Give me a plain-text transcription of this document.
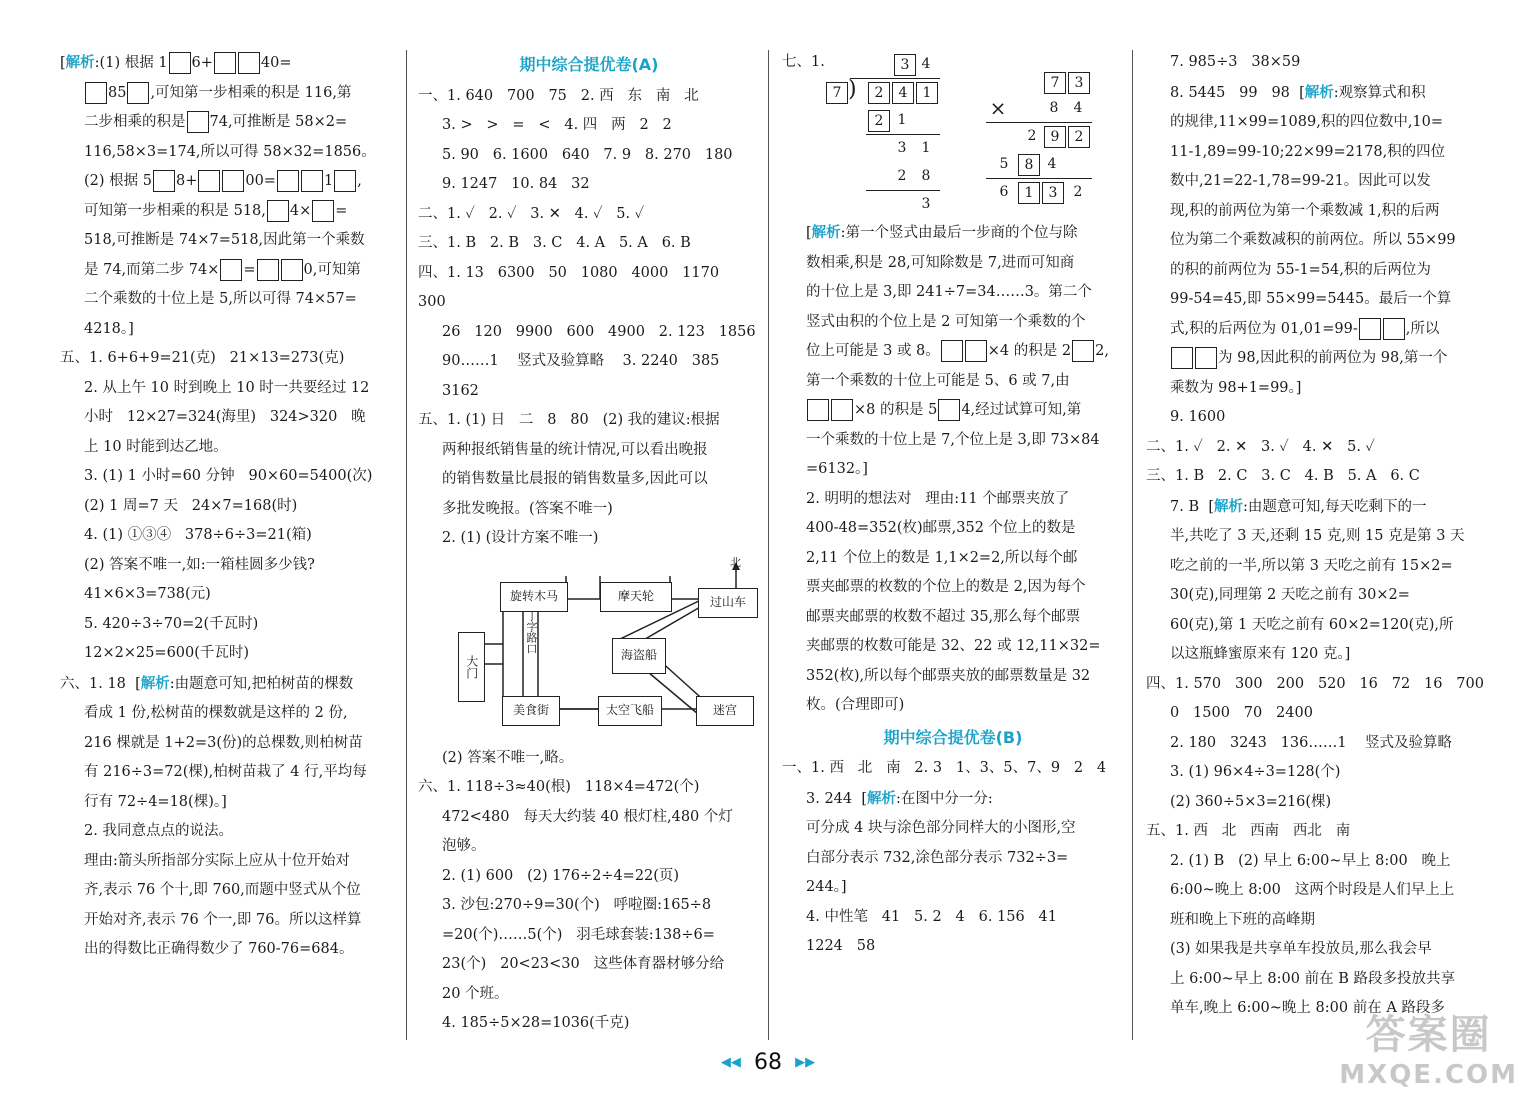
[解析:(1) 根据 1 6+	40=
85 ,可知第一步相乘的积是 116,第
二步相乘的积是 74,可推断是 58×2=
116,58×3=174,所以可得 58×32=1856。
(2) 根据 5 8+	00=	1 ,
可知第一步相乘的积是 518, 4× =
518,可推断是 74×7=518,因此第一个乘数
是 74,而第二步 74× =	0,可知第
二个乘数的十位上是 5,所以可得 74×57=
4218。]
五、1. 6+6+9=21(克)   21×13=273(克)
2. 从上午 10 时到晚上 10 时一共要经过 12
小时   12×27=324(海里)   324>320   晚
上 10 时能到达乙地。
3. (1) 1 小时=60 分钟   90×60=5400(次)
(2) 1 周=7 天   24×7=168(时)
4. (1) ①③④   378÷6÷3=21(箱)
(2) 答案不唯一,如:一箱桂圆多少钱?
41×6×3=738(元)
5. 420÷3÷70=2(千瓦时)
12×2×25=600(千瓦时)
六、1. 18  [解析:由题意可知,把柏树苗的棵数
看成 1 份,松树苗的棵数就是这样的 2 份,
216 棵就是 1+2=3(份)的总棵数,则柏树苗
有 216÷3=72(棵),柏树苗栽了 4 行,平均每
行有 72÷4=18(棵)。]
2. 我同意点点的说法。
理由:箭头所指部分实际上应从十位开始对
齐,表示 76 个十,即 760,而题中竖式从个位
开始对齐,表示 76 个一,即 76。所以这样算
出的得数比正确得数少了 760-76=684。
期中综合提优卷(A)
一、1. 640   700   75   2. 西   东   南   北
3. >   >   =   <   4. 四   两   2   2
5. 90   6. 1600   640   7. 9   8. 270   180
9. 1247   10. 84   32
二、1. ✓   2. ✓   3. ✕   4. ✓   5. ✓
三、1. B   2. B   3. C   4. A   5. A   6. B
四、1. 13   6300   50   1080   4000   1170   300
26   120   9900   600   4900   2. 123   1856
90……1    竖式及验算略    3. 2240   385
3162
五、1. (1) 日   二   8   80   (2) 我的建议:根据
两种报纸销售量的统计情况,可以看出晚报
的销售数量比晨报的销售数量多,因此可以
多批发晚报。(答案不唯一)
2. (1) (设计方案不唯一)
北
旋转木马	摩天轮	过山车
大门
丁字路口
海盗船
美食街	太空飞船	迷宫
(2) 答案不唯一,略。
六、1. 118÷3≈40(根)   118×4=472(个)
472<480   每天大约装 40 根灯柱,480 个灯
泡够。
2. (1) 600   (2) 176÷2÷4=22(页)
3. 沙包:270÷9=30(个)   呼啦圈:165÷8
=20(个)……5(个)   羽毛球套装:138÷6=
23(个)   20<23<30   这些体育器材够分给
20 个班。
4. 185÷5×28=1036(千克)
七、1.	3 4
7 )	2	4	1
2	1
3	1
2	8
3
7	3
×	8	4
2	9	2
5	8	4
6	1	3	2
[解析:第一个竖式由最后一步商的个位与除
数相乘,积是 28,可知除数是 7,进而可知商
的十位上是 3,即 241÷7=34……3。第二个
竖式由积的个位上是 2 可知第一个乘数的个
位上可能是 3 或 8。	×4 的积是 2 2,
第一个乘数的十位上可能是 5、6 或 7,由
×8 的积是 5 4,经过试算可知,第
一个乘数的十位上是 7,个位上是 3,即 73×84
=6132。]
2. 明明的想法对   理由:11 个邮票夹放了
400-48=352(枚)邮票,352 个位上的数是
2,11 个位上的数是 1,1×2=2,所以每个邮
票夹邮票的枚数的个位上的数是 2,因为每个
邮票夹邮票的枚数不超过 35,那么每个邮票
夹邮票的枚数可能是 32、22 或 12,11×32=
352(枚),所以每个邮票夹放的邮票数量是 32
枚。(合理即可)
期中综合提优卷(B)
一、1. 西   北   南   2. 3   1、3、5、7、9   2   4
3. 244  [解析:在图中分一分:
可分成 4 块与涂色部分同样大的小图形,空
白部分表示 732,涂色部分表示 732÷3=
244。]
4. 中性笔   41   5. 2   4   6. 156   41
1224   58
7. 985÷3   38×59
8. 5445   99   98  [解析:观察算式和积
的规律,11×99=1089,积的四位数中,10=
11-1,89=99-10;22×99=2178,积的四位
数中,21=22-1,78=99-21。因此可以发
现,积的前两位为第一个乘数减 1,积的后两
位为第二个乘数减积的前两位。所以 55×99
的积的前两位为 55-1=54,积的后两位为
99-54=45,即 55×99=5445。最后一个算
式,积的后两位为 01,01=99-	,所以
为 98,因此积的前两位为 98,第一个
乘数为 98+1=99。]
9. 1600
二、1. ✓   2. ✕   3. ✓   4. ✕   5. ✓
三、1. B   2. C   3. C   4. B   5. A   6. C
7. B  [解析:由题意可知,每天吃剩下的一
半,共吃了 3 天,还剩 15 克,则 15 克是第 3 天
吃之前的一半,所以第 3 天吃之前有 15×2=
30(克),同理第 2 天吃之前有 30×2=
60(克),第 1 天吃之前有 60×2=120(克),所
以这瓶蜂蜜原来有 120 克。]
四、1. 570   300   200   520   16   72   16   700
0   1500   70   2400
2. 180   3243   136……1    竖式及验算略
3. (1) 96×4÷3=128(个)
(2) 360÷5×3=216(棵)
五、1. 西   北   西南   西北   南
2. (1) B   (2) 早上 6:00~早上 8:00   晚上
6:00~晚上 8:00   这两个时段是人们早上上
班和晚上下班的高峰期
(3) 如果我是共享单车投放员,那么我会早
上 6:00~早上 8:00 前在 B 路段多投放共享
单车,晚上 6:00~晚上 8:00 前在 A 路段多
◀◀ 68 ▶▶
答案圈
MXQE.COM
